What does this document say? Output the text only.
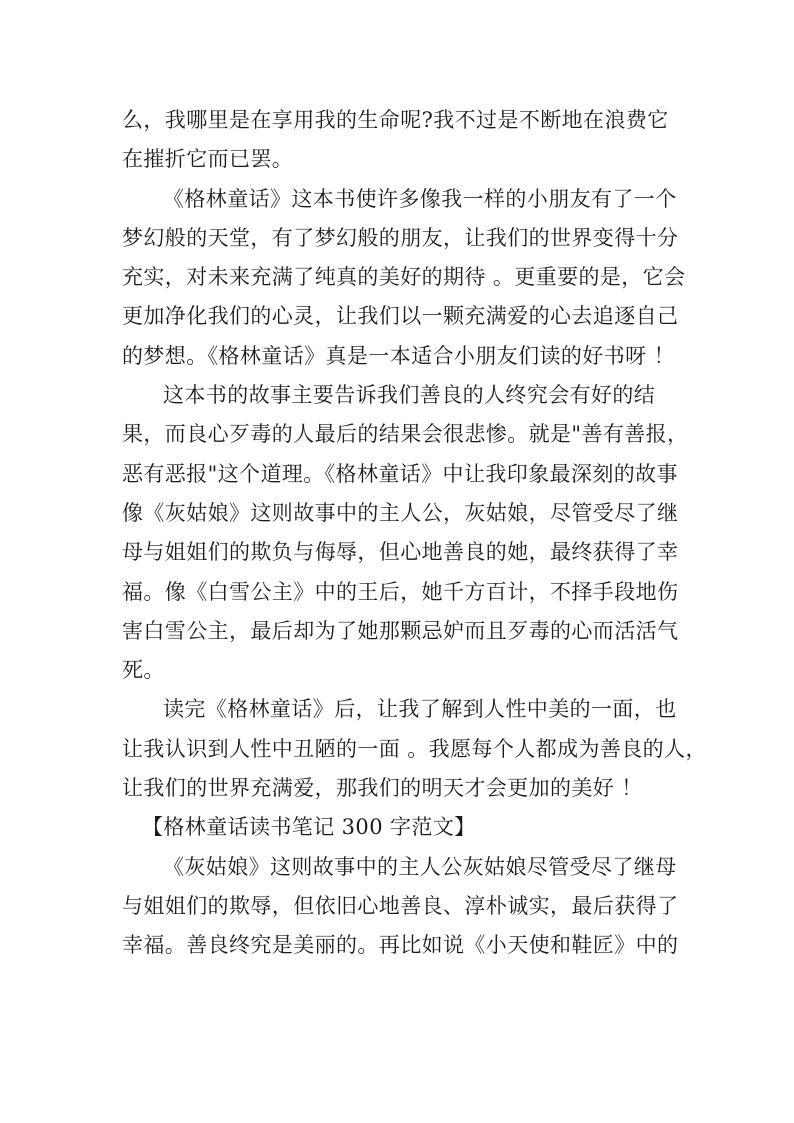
么，我哪里是在享用我的生命呢?我不过是不断地在浪费它
在摧折它而已罢。
《格林童话》这本书使许多像我一样的小朋友有了一个
梦幻般的天堂，有了梦幻般的朋友，让我们的世界变得十分
充实，对未来充满了纯真的美好的期待 。更重要的是，它会
更加净化我们的心灵，让我们以一颗充满爱的心去追逐自己
的梦想。《格林童话》真是一本适合小朋友们读的好书呀 ！
这本书的故事主要告诉我们善良的人终究会有好的结
果，而良心歹毒的人最后的结果会很悲惨。就是"善有善报，
恶有恶报"这个道理。《格林童话》中让我印象最深刻的故事
像《灰姑娘》这则故事中的主人公，灰姑娘，尽管受尽了继
母与姐姐们的欺负与侮辱，但心地善良的她，最终获得了幸
福。像《白雪公主》中的王后，她千方百计，不择手段地伤
害白雪公主，最后却为了她那颗忌妒而且歹毒的心而活活气
死。
读完《格林童话》后，让我了解到人性中美的一面，也
让我认识到人性中丑陋的一面 。我愿每个人都成为善良的人，
让我们的世界充满爱，那我们的明天才会更加的美好 ！
【格林童话读书笔记 300 字范文】
《灰姑娘》这则故事中的主人公灰姑娘尽管受尽了继母
与姐姐们的欺辱，但依旧心地善良、淳朴诚实，最后获得了
幸福。善良终究是美丽的。再比如说《小天使和鞋匠》中的
